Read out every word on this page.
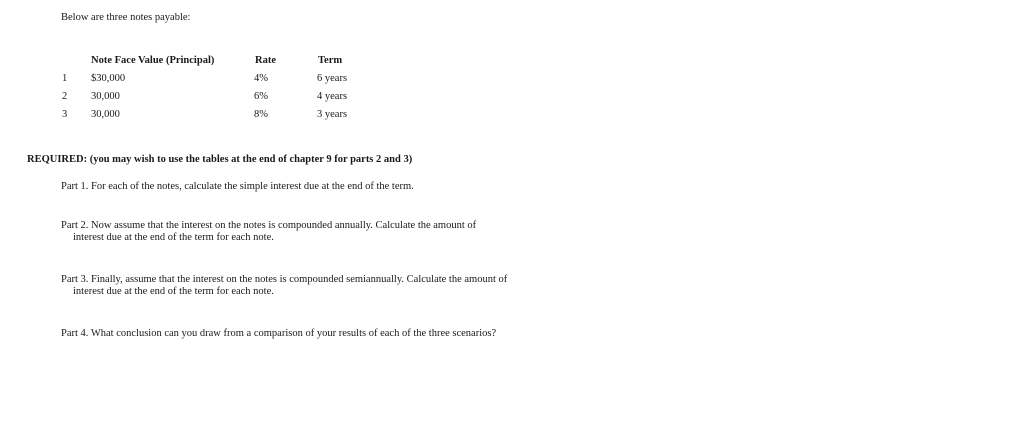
Below are three notes payable:
Note Face Value (Principal)	Rate	Term
1 $30,000	4%	6 years
2 30,000	6%	4 years
3 30,000	8%	3 years
REQUIRED: (you may wish to use the tables at the end of chapter 9 for parts 2 and 3)
Part 1. For each of the notes, calculate the simple interest due at the end of the term.
Part 2. Now assume that the interest on the notes is compounded annually. Calculate the amount of
interest due at the end of the term for each note.
Part 3. Finally, assume that the interest on the notes is compounded semiannually. Calculate the amount of
interest due at the end of the term for each note.
Part 4. What conclusion can you draw from a comparison of your results of each of the three scenarios?
